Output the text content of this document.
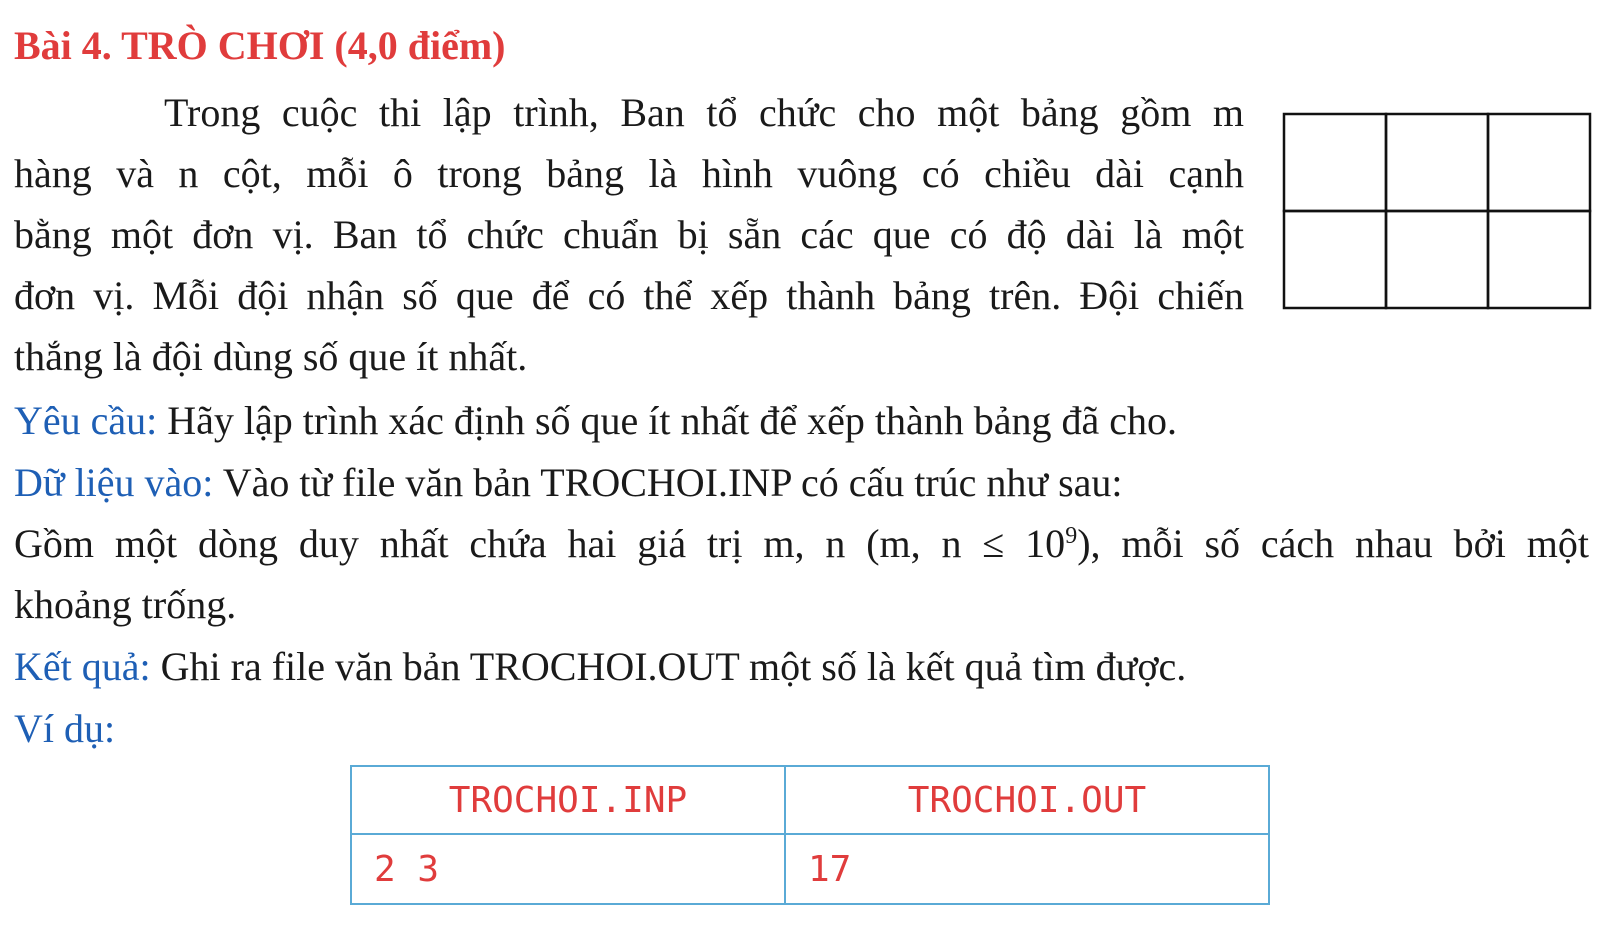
Bài 4. TRÒ CHƠI (4,0 điểm)
Trong cuộc thi lập trình, Ban tổ chức cho một bảng gồm m
hàng và n cột, mỗi ô trong bảng là hình vuông có chiều dài cạnh
bằng một đơn vị. Ban tổ chức chuẩn bị sẵn các que có độ dài là một
đơn vị. Mỗi đội nhận số que để có thể xếp thành bảng trên. Đội chiến
thắng là đội dùng số que ít nhất.
Yêu cầu: Hãy lập trình xác định số que ít nhất để xếp thành bảng đã cho.
Dữ liệu vào: Vào từ file văn bản TROCHOI.INP có cấu trúc như sau:
Gồm một dòng duy nhất chứa hai giá trị m, n (m, $n \le 10^9$), mỗi số cách nhau bởi một
khoảng trống.
Kết quả: Ghi ra file văn bản TROCHOI.OUT một số là kết quả tìm được.
Ví dụ:
TROCHOI.INP	TROCHOI.OUT
2 3	17
